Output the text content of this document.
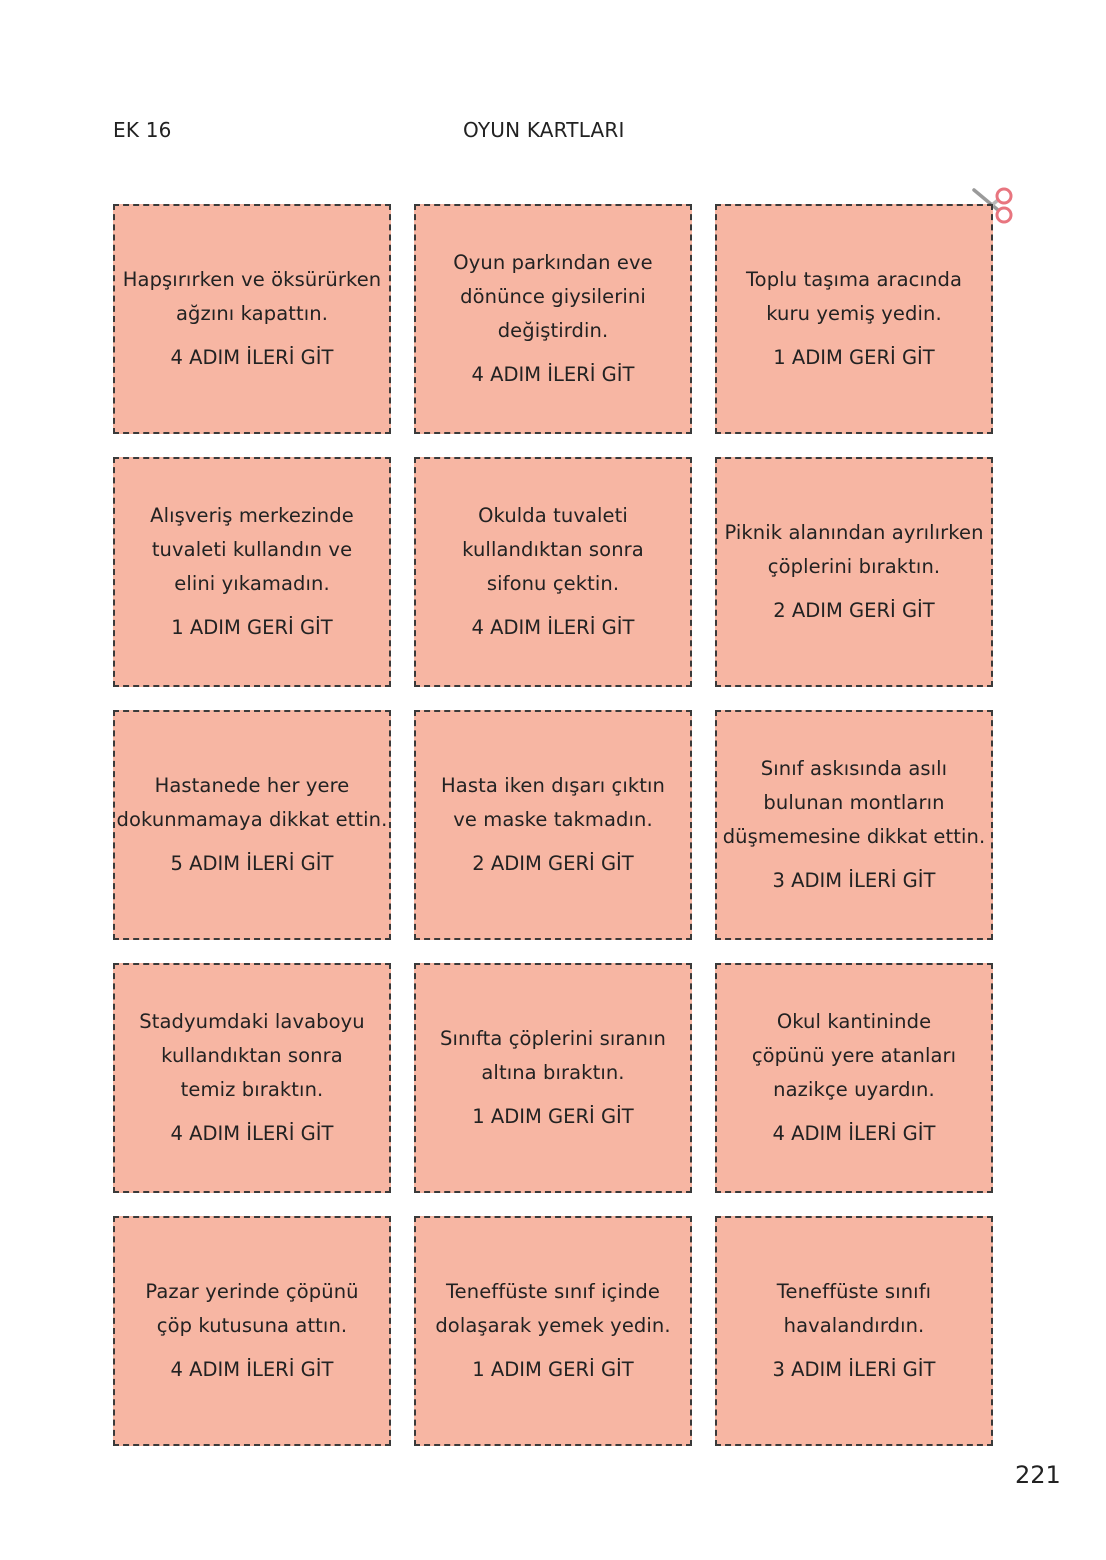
EK 16	OYUN KARTLARI
Hapşırırken ve öksürürken
ağzını kapattın.
4 ADIM İLERİ GİT
Oyun parkından eve
dönünce giysilerini
değiştirdin.
4 ADIM İLERİ GİT
Toplu taşıma aracında
kuru yemiş yedin.
1 ADIM GERİ GİT
Alışveriş merkezinde
tuvaleti kullandın ve
elini yıkamadın.
1 ADIM GERİ GİT
Okulda tuvaleti
kullandıktan sonra
sifonu çektin.
4 ADIM İLERİ GİT
Piknik alanından ayrılırken
çöplerini bıraktın.
2 ADIM GERİ GİT
Hastanede her yere
dokunmamaya dikkat ettin.
5 ADIM İLERİ GİT
Hasta iken dışarı çıktın
ve maske takmadın.
2 ADIM GERİ GİT
Sınıf askısında asılı
bulunan montların
düşmemesine dikkat ettin.
3 ADIM İLERİ GİT
Stadyumdaki lavaboyu
kullandıktan sonra
temiz bıraktın.
4 ADIM İLERİ GİT
Sınıfta çöplerini sıranın
altına bıraktın.
1 ADIM GERİ GİT
Okul kantininde
çöpünü yere atanları
nazikçe uyardın.
4 ADIM İLERİ GİT
Pazar yerinde çöpünü
çöp kutusuna attın.
4 ADIM İLERİ GİT
Teneffüste sınıf içinde
dolaşarak yemek yedin.
1 ADIM GERİ GİT
Teneffüste sınıfı
havalandırdın.
3 ADIM İLERİ GİT
221
